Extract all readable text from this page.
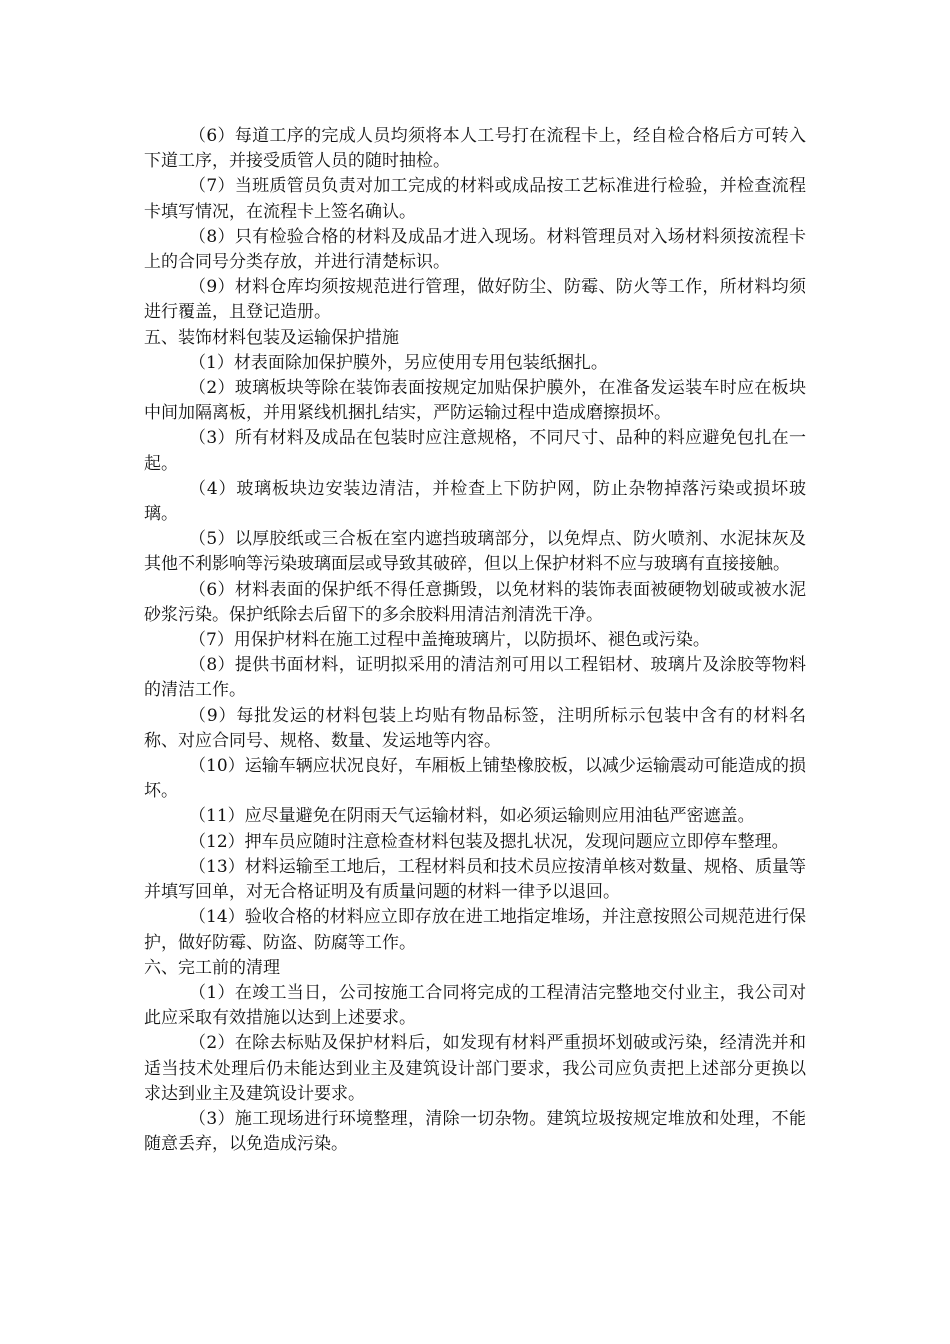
（6）每道工序的完成人员均须将本人工号打在流程卡上，经自检合格后方可转入下道工序，并接受质管人员的随时抽检。

（7）当班质管员负责对加工完成的材料或成品按工艺标准进行检验，并检查流程卡填写情况，在流程卡上签名确认。

（8）只有检验合格的材料及成品才进入现场。材料管理员对入场材料须按流程卡上的合同号分类存放，并进行清楚标识。

（9）材料仓库均须按规范进行管理，做好防尘、防霉、防火等工作，所材料均须进行覆盖，且登记造册。

五、装饰材料包装及运输保护措施

（1）材表面除加保护膜外，另应使用专用包装纸捆扎。

（2）玻璃板块等除在装饰表面按规定加贴保护膜外，在准备发运装车时应在板块中间加隔离板，并用紧线机捆扎结实，严防运输过程中造成磨擦损坏。

（3）所有材料及成品在包装时应注意规格，不同尺寸、品种的料应避免包扎在一起。

（4）玻璃板块边安装边清洁，并检查上下防护网，防止杂物掉落污染或损坏玻璃。

（5）以厚胶纸或三合板在室内遮挡玻璃部分，以免焊点、防火喷剂、水泥抹灰及其他不利影响等污染玻璃面层或导致其破碎，但以上保护材料不应与玻璃有直接接触。

（6）材料表面的保护纸不得任意撕毁，以免材料的装饰表面被硬物划破或被水泥砂浆污染。保护纸除去后留下的多余胶料用清洁剂清洗干净。

（7）用保护材料在施工过程中盖掩玻璃片，以防损坏、褪色或污染。

（8）提供书面材料，证明拟采用的清洁剂可用以工程铝材、玻璃片及涂胶等物料的清洁工作。

（9）每批发运的材料包装上均贴有物品标签，注明所标示包装中含有的材料名称、对应合同号、规格、数量、发运地等内容。

（10）运输车辆应状况良好，车厢板上铺垫橡胶板，以减少运输震动可能造成的损坏。

（11）应尽量避免在阴雨天气运输材料，如必须运输则应用油毡严密遮盖。

（12）押车员应随时注意检查材料包装及摁扎状况，发现问题应立即停车整理。

（13）材料运输至工地后，工程材料员和技术员应按清单核对数量、规格、质量等并填写回单，对无合格证明及有质量问题的材料一律予以退回。

（14）验收合格的材料应立即存放在进工地指定堆场，并注意按照公司规范进行保护，做好防霉、防盗、防腐等工作。

六、完工前的清理

（1）在竣工当日，公司按施工合同将完成的工程清洁完整地交付业主，我公司对此应采取有效措施以达到上述要求。

（2）在除去标贴及保护材料后，如发现有材料严重损坏划破或污染，经清洗并和适当技术处理后仍未能达到业主及建筑设计部门要求，我公司应负责把上述部分更换以求达到业主及建筑设计要求。

（3）施工现场进行环境整理，清除一切杂物。建筑垃圾按规定堆放和处理，不能随意丢弃，以免造成污染。
